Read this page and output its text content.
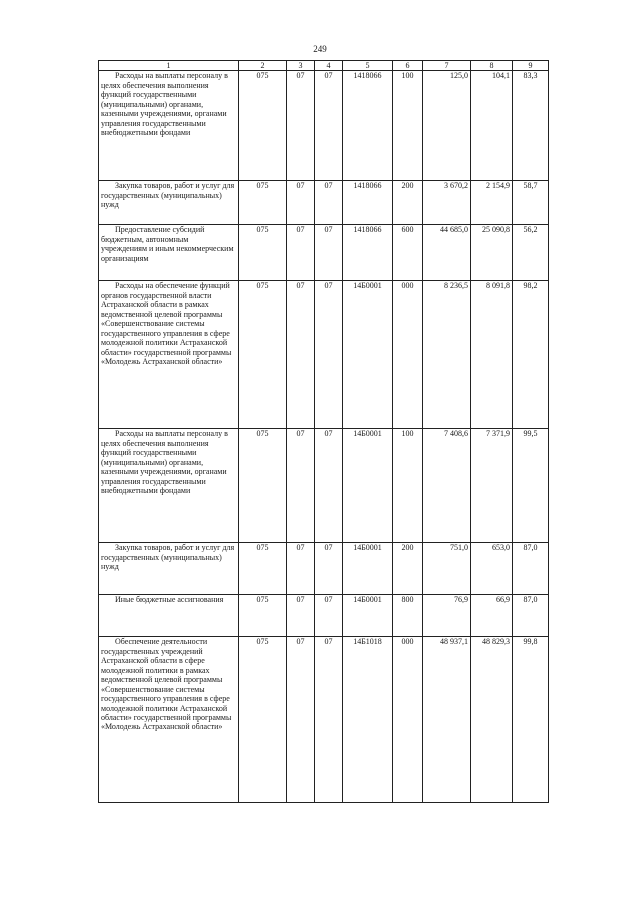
249
1	2	3	4	5	6	7	8	9

Расходы на выплаты персоналу в целях обеспечения выполнения функций государственными (муниципальными) органами, казенными учреждениями, органами управления государственными внебюджетными фондами	075	07	07	1418066	100	125,0	104,1	83,3

Закупка товаров, работ и услуг для государственных (муниципальных) нужд	075	07	07	1418066	200	3 670,2	2 154,9	58,7

Предоставление субсидий бюджетным, автономным учреждениям и иным некоммерческим организациям	075	07	07	1418066	600	44 685,0	25 090,8	56,2

Расходы на обеспечение функций органов государственной власти Астраханской области в рамках ведомственной целевой программы «Совершенствование системы государственного управления в сфере молодежной политики Астраханской области» государственной программы «Молодежь Астраханской области»	075	07	07	14Б0001	000	8 236,5	8 091,8	98,2

Расходы на выплаты персоналу в целях обеспечения выполнения функций государственными (муниципальными) органами, казенными учреждениями, органами управления государственными внебюджетными фондами	075	07	07	14Б0001	100	7 408,6	7 371,9	99,5

Закупка товаров, работ и услуг для государственных (муниципальных) нужд	075	07	07	14Б0001	200	751,0	653,0	87,0

Иные бюджетные ассигнования	075	07	07	14Б0001	800	76,9	66,9	87,0

Обеспечение деятельности государственных учреждений Астраханской области в сфере молодежной политики в рамках ведомственной целевой программы «Совершенствование системы государственного управления в сфере молодежной политики Астраханской области» государственной программы «Молодежь Астраханской области»	075	07	07	14Б1018	000	48 937,1	48 829,3	99,8
